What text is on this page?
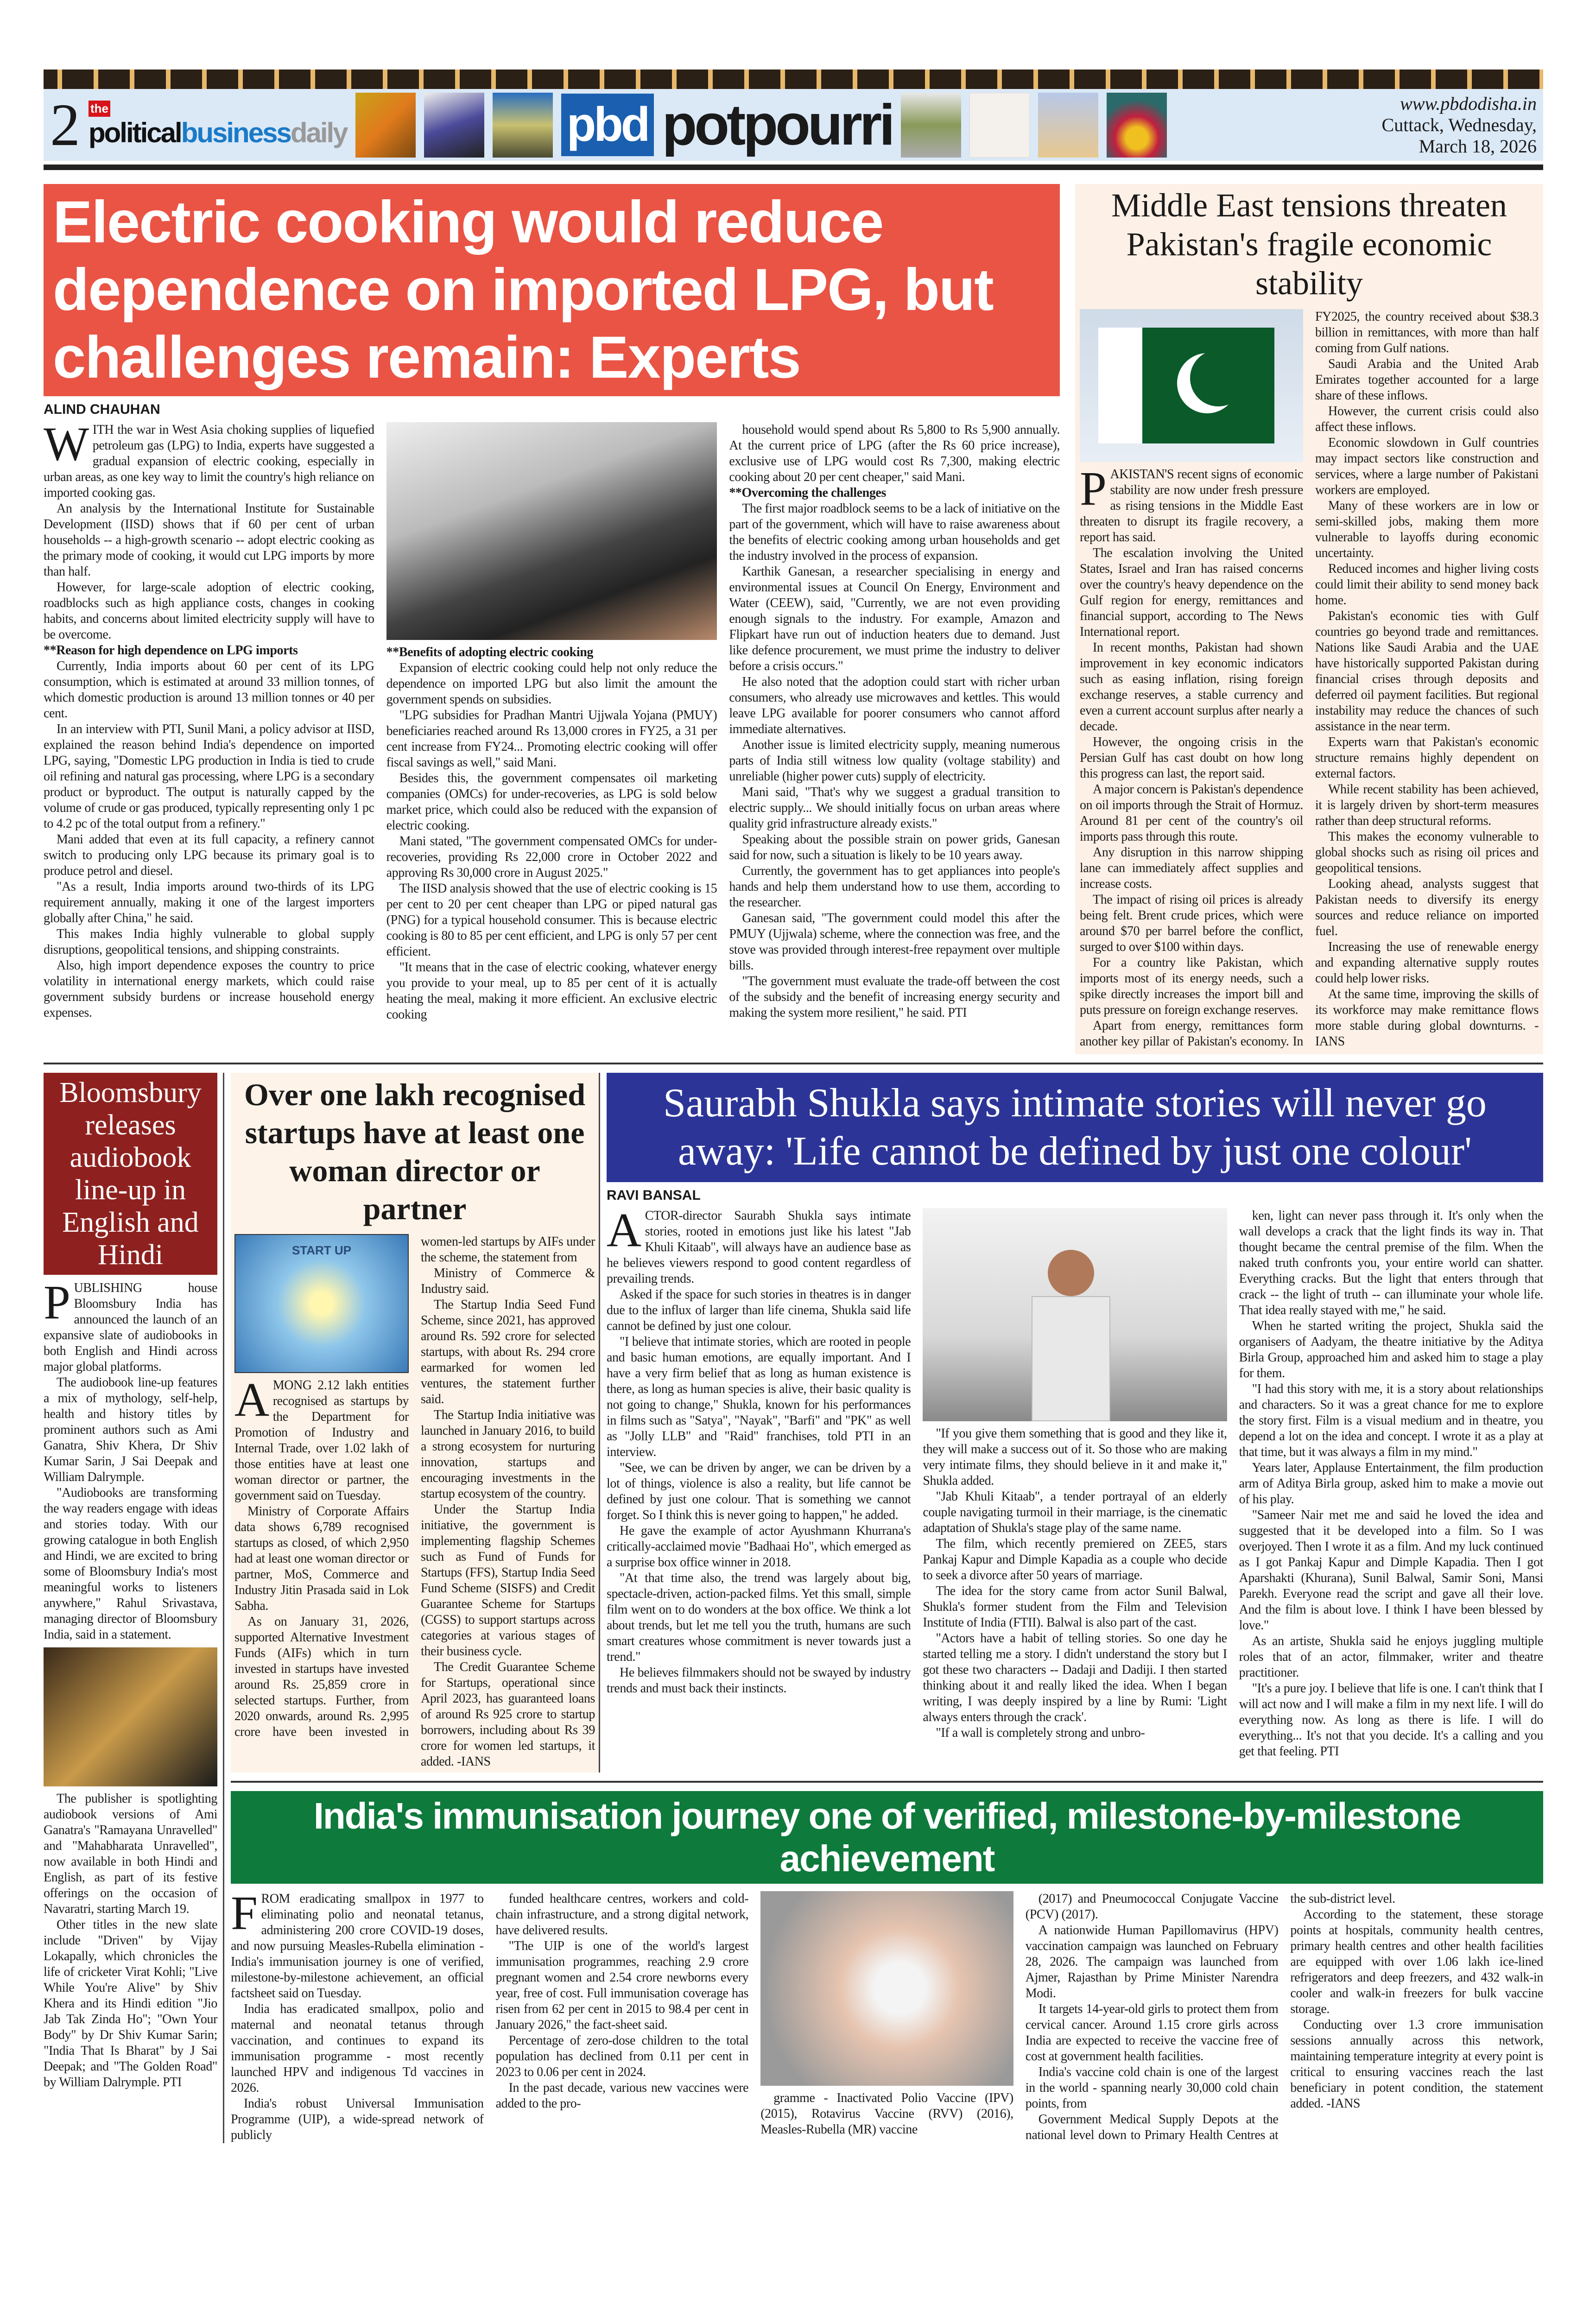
2 the
politicalbusinessdaily	pbd potpourri	www.pbdodisha.in
Cuttack, Wednesday,
March 18, 2026
Electric cooking would reduce dependence on imported LPG, but challenges remain: Experts
ALIND CHAUHAN
W ITH the war in West Asia choking supplies of liquefied petroleum gas (LPG) to India, experts have suggested a gradual expansion of electric cooking, especially in urban areas, as one key way to limit the country's high reliance on imported cooking gas.

An analysis by the International Institute for Sustainable Development (IISD) shows that if 60 per cent of urban households -- a high-growth scenario -- adopt electric cooking as the primary mode of cooking, it would cut LPG imports by more than half.

However, for large-scale adoption of electric cooking, roadblocks such as high appliance costs, changes in cooking habits, and concerns about limited electricity supply will have to be overcome.

**Reason for high dependence on LPG imports

Currently, India imports about 60 per cent of its LPG consumption, which is estimated at around 33 million tonnes, of which domestic production is around 13 million tonnes or 40 per cent.

In an interview with PTI, Sunil Mani, a policy advisor at IISD, explained the reason behind India's dependence on imported LPG, saying, "Domestic LPG production in India is tied to crude oil refining and natural gas processing, where LPG is a secondary product or byproduct. The output is naturally capped by the volume of crude or gas produced, typically representing only 1 pc to 4.2 pc of the total output from a refinery."

Mani added that even at its full capacity, a refinery cannot switch to producing only LPG because its primary goal is to produce petrol and diesel.

"As a result, India imports around two-thirds of its LPG requirement annually, making it one of the largest importers globally after China," he said.

This makes India highly vulnerable to global supply disruptions, geopolitical tensions, and shipping constraints.

Also, high import dependence exposes the country to price volatility in international energy markets, which could raise government subsidy burdens or increase household energy expenses.

**Benefits of adopting electric cooking

Expansion of electric cooking could help not only reduce the dependence on imported LPG but also limit the amount the government spends on subsidies.

"LPG subsidies for Pradhan Mantri Ujjwala Yojana (PMUY) beneficiaries reached around Rs 13,000 crores in FY25, a 31 per cent increase from FY24... Promoting electric cooking will offer fiscal savings as well," said Mani.

Besides this, the government compensates oil marketing companies (OMCs) for under-recoveries, as LPG is sold below market price, which could also be reduced with the expansion of electric cooking.

Mani stated, "The government compensated OMCs for under-recoveries, providing Rs 22,000 crore in October 2022 and approving Rs 30,000 crore in August 2025."

The IISD analysis showed that the use of electric cooking is 15 per cent to 20 per cent cheaper than LPG or piped natural gas (PNG) for a typical household consumer. This is because electric cooking is 80 to 85 per cent efficient, and LPG is only 57 per cent efficient.

"It means that in the case of electric cooking, whatever energy you provide to your meal, up to 85 per cent of it is actually heating the meal, making it more efficient. An exclusive electric cooking

household would spend about Rs 5,800 to Rs 5,900 annually. At the current price of LPG (after the Rs 60 price increase), exclusive use of LPG would cost Rs 7,300, making electric cooking about 20 per cent cheaper," said Mani.

**Overcoming the challenges

The first major roadblock seems to be a lack of initiative on the part of the government, which will have to raise awareness about the benefits of electric cooking among urban households and get the industry involved in the process of expansion.

Karthik Ganesan, a researcher specialising in energy and environmental issues at Council On Energy, Environment and Water (CEEW), said, "Currently, we are not even providing enough signals to the industry. For example, Amazon and Flipkart have run out of induction heaters due to demand. Just like defence procurement, we must prime the industry to deliver before a crisis occurs."

He also noted that the adoption could start with richer urban consumers, who already use microwaves and kettles. This would leave LPG available for poorer consumers who cannot afford immediate alternatives.

Another issue is limited electricity supply, meaning numerous parts of India still witness low quality (voltage stability) and unreliable (higher power cuts) supply of electricity.

Mani said, "That's why we suggest a gradual transition to electric supply... We should initially focus on urban areas where quality grid infrastructure already exists."

Speaking about the possible strain on power grids, Ganesan said for now, such a situation is likely to be 10 years away.

Currently, the government has to get appliances into people's hands and help them understand how to use them, according to the researcher.

Ganesan said, "The government could model this after the PMUY (Ujjwala) scheme, where the connection was free, and the stove was provided through interest-free repayment over multiple bills.

"The government must evaluate the trade-off between the cost of the subsidy and the benefit of increasing energy security and making the system more resilient," he said. PTI

Middle East tensions threaten Pakistan's fragile economic stability
P AKISTAN'S recent signs of economic stability are now under fresh pressure as rising tensions in the Middle East threaten to disrupt its fragile recovery, a report has said.

The escalation involving the United States, Israel and Iran has raised concerns over the country's heavy dependence on the Gulf region for energy, remittances and financial support, according to The News International report.

In recent months, Pakistan had shown improvement in key economic indicators such as easing inflation, rising foreign exchange reserves, a stable currency and even a current account surplus after nearly a decade.

However, the ongoing crisis in the Persian Gulf has cast doubt on how long this progress can last, the report said.

A major concern is Pakistan's dependence on oil imports through the Strait of Hormuz. Around 81 per cent of the country's oil imports pass through this route.

Any disruption in this narrow shipping lane can immediately affect supplies and increase costs.

The impact of rising oil prices is already being felt. Brent crude prices, which were around $70 per barrel before the conflict, surged to over $100 within days.

For a country like Pakistan, which imports most of its energy needs, such a spike directly increases the import bill and puts pressure on foreign exchange reserves.

Apart from energy, remittances form another key pillar of Pakistan's economy. In FY2025, the country received about $38.3 billion in remittances, with more than half coming from Gulf nations.

Saudi Arabia and the United Arab Emirates together accounted for a large share of these inflows.

However, the current crisis could also affect these inflows.

Economic slowdown in Gulf countries may impact sectors like construction and services, where a large number of Pakistani workers are employed.

Many of these workers are in low or semi-skilled jobs, making them more vulnerable to layoffs during economic uncertainty.

Reduced incomes and higher living costs could limit their ability to send money back home.

Pakistan's economic ties with Gulf countries go beyond trade and remittances. Nations like Saudi Arabia and the UAE have historically supported Pakistan during financial crises through deposits and deferred oil payment facilities. But regional instability may reduce the chances of such assistance in the near term.

Experts warn that Pakistan's economic structure remains highly dependent on external factors.

While recent stability has been achieved, it is largely driven by short-term measures rather than deep structural reforms.

This makes the economy vulnerable to global shocks such as rising oil prices and geopolitical tensions.

Looking ahead, analysts suggest that Pakistan needs to diversify its energy sources and reduce reliance on imported fuel.

Increasing the use of renewable energy and expanding alternative supply routes could help lower risks.

At the same time, improving the skills of its workforce may make remittance flows more stable during global downturns. -IANS

Bloomsbury releases audiobook line-up in English and Hindi
P UBLISHING house Bloomsbury India has announced the launch of an expansive slate of audiobooks in both English and Hindi across major global platforms.

The audiobook line-up features a mix of mythology, self-help, health and history titles by prominent authors such as Ami Ganatra, Shiv Khera, Dr Shiv Kumar Sarin, J Sai Deepak and William Dalrymple.

"Audiobooks are transforming the way readers engage with ideas and stories today. With our growing catalogue in both English and Hindi, we are excited to bring some of Bloomsbury India's most meaningful works to listeners anywhere," Rahul Srivastava, managing director of Bloomsbury India, said in a statement.

The publisher is spotlighting audiobook versions of Ami Ganatra's "Ramayana Unravelled" and "Mahabharata Unravelled", now available in both Hindi and English, as part of its festive offerings on the occasion of Navaratri, starting March 19.

Other titles in the new slate include "Driven" by Vijay Lokapally, which chronicles the life of cricketer Virat Kohli; "Live While You're Alive" by Shiv Khera and its Hindi edition "Jio Jab Tak Zinda Ho"; "Own Your Body" by Dr Shiv Kumar Sarin; "India That Is Bharat" by J Sai Deepak; and "The Golden Road" by William Dalrymple. PTI

Over one lakh recognised startups have at least one woman director or partner
START UP
A MONG 2.12 lakh entities recognised as startups by the Department for Promotion of Industry and Internal Trade, over 1.02 lakh of those entities have at least one woman director or partner, the government said on Tuesday.

Ministry of Corporate Affairs data shows 6,789 recognised startups as closed, of which 2,950 had at least one woman director or partner, MoS, Commerce and Industry Jitin Prasada said in Lok Sabha.

As on January 31, 2026, supported Alternative Investment Funds (AIFs) which in turn invested in startups have invested around Rs. 25,859 crore in selected startups. Further, from 2020 onwards, around Rs. 2,995 crore have been invested in women-led startups by AIFs under the scheme, the statement from

Ministry of Commerce & Industry said.

The Startup India Seed Fund Scheme, since 2021, has approved around Rs. 592 crore for selected startups, with about Rs. 294 crore earmarked for women led ventures, the statement further said.

The Startup India initiative was launched in January 2016, to build a strong ecosystem for nurturing innovation, startups and encouraging investments in the startup ecosystem of the country.

Under the Startup India initiative, the government is implementing flagship Schemes such as Fund of Funds for Startups (FFS), Startup India Seed Fund Scheme (SISFS) and Credit Guarantee Scheme for Startups (CGSS) to support startups across categories at various stages of their business cycle.

The Credit Guarantee Scheme for Startups, operational since April 2023, has guaranteed loans of around Rs 925 crore to startup borrowers, including about Rs 39 crore for women led startups, it added. -IANS

Saurabh Shukla says intimate stories will never go away: 'Life cannot be defined by just one colour'
RAVI BANSAL
A CTOR-director Saurabh Shukla says intimate stories, rooted in emotions just like his latest "Jab Khuli Kitaab", will always have an audience base as he believes viewers respond to good content regardless of prevailing trends.

Asked if the space for such stories in theatres is in danger due to the influx of larger than life cinema, Shukla said life cannot be defined by just one colour.

"I believe that intimate stories, which are rooted in people and basic human emotions, are equally important. And I have a very firm belief that as long as human existence is there, as long as human species is alive, their basic quality is not going to change," Shukla, known for his performances in films such as "Satya", "Nayak", "Barfi" and "PK" as well as "Jolly LLB" and "Raid" franchises, told PTI in an interview.

"See, we can be driven by anger, we can be driven by a lot of things, violence is also a reality, but life cannot be defined by just one colour. That is something we cannot forget. So I think this is never going to happen," he added.

He gave the example of actor Ayushmann Khurrana's critically-acclaimed movie "Badhaai Ho", which emerged as a surprise box office winner in 2018.

"At that time also, the trend was largely about big, spectacle-driven, action-packed films. Yet this small, simple film went on to do wonders at the box office. We think a lot about trends, but let me tell you the truth, humans are such smart creatures whose commitment is never towards just a trend."

He believes filmmakers should not be swayed by industry trends and must back their instincts.

"If you give them something that is good and they like it, they will make a success out of it. So those who are making very intimate films, they should believe in it and make it," Shukla added.

"Jab Khuli Kitaab", a tender portrayal of an elderly couple navigating turmoil in their marriage, is the cinematic adaptation of Shukla's stage play of the same name.

The film, which recently premiered on ZEE5, stars Pankaj Kapur and Dimple Kapadia as a couple who decide to seek a divorce after 50 years of marriage.

The idea for the story came from actor Sunil Balwal, Shukla's former student from the Film and Television Institute of India (FTII). Balwal is also part of the cast.

"Actors have a habit of telling stories. So one day he started telling me a story. I didn't understand the story but I got these two characters -- Dadaji and Dadiji. I then started thinking about it and really liked the idea. When I began writing, I was deeply inspired by a line by Rumi: 'Light always enters through the crack'.

"If a wall is completely strong and unbro-

ken, light can never pass through it. It's only when the wall develops a crack that the light finds its way in. That thought became the central premise of the film. When the naked truth confronts you, your entire world can shatter. Everything cracks. But the light that enters through that crack -- the light of truth -- can illuminate your whole life. That idea really stayed with me," he said.

When he started writing the project, Shukla said the organisers of Aadyam, the theatre initiative by the Aditya Birla Group, approached him and asked him to stage a play for them.

"I had this story with me, it is a story about relationships and characters. So it was a great chance for me to explore the story first. Film is a visual medium and in theatre, you depend a lot on the idea and concept. I wrote it as a play at that time, but it was always a film in my mind."

Years later, Applause Entertainment, the film production arm of Aditya Birla group, asked him to make a movie out of his play.

"Sameer Nair met me and said he loved the idea and suggested that it be developed into a film. So I was overjoyed. Then I wrote it as a film. And my luck continued as I got Pankaj Kapur and Dimple Kapadia. Then I got Aparshakti (Khurana), Sunil Balwal, Samir Soni, Mansi Parekh. Everyone read the script and gave all their love. And the film is about love. I think I have been blessed by love."

As an artiste, Shukla said he enjoys juggling multiple roles that of an actor, filmmaker, writer and theatre practitioner.

"It's a pure joy. I believe that life is one. I can't think that I will act now and I will make a film in my next life. I will do everything now. As long as there is life. I will do everything... It's not that you decide. It's a calling and you get that feeling. PTI

India's immunisation journey one of verified, milestone-by-milestone achievement
F ROM eradicating smallpox in 1977 to eliminating polio and neonatal tetanus, administering 200 crore COVID-19 doses, and now pursuing Measles-Rubella elimination - India's immunisation journey is one of verified, milestone-by-milestone achievement, an official factsheet said on Tuesday.

India has eradicated smallpox, polio and maternal and neonatal tetanus through vaccination, and continues to expand its immunisation programme - most recently launched HPV and indigenous Td vaccines in 2026.

India's robust Universal Immunisation Programme (UIP), a wide-spread network of publicly

funded healthcare centres, workers and cold-chain infrastructure, and a strong digital network, have delivered results.

"The UIP is one of the world's largest immunisation programmes, reaching 2.9 crore pregnant women and 2.54 crore newborns every year, free of cost. Full immunisation coverage has risen from 62 per cent in 2015 to 98.4 per cent in January 2026," the fact-sheet said.

Percentage of zero-dose children to the total population has declined from 0.11 per cent in 2023 to 0.06 per cent in 2024.

In the past decade, various new vaccines were added to the pro-	gramme - Inactivated Polio Vaccine (IPV) (2015), Rotavirus Vaccine (RVV) (2016), Measles-Rubella (MR) vaccine

(2017) and Pneumococcal Conjugate Vaccine (PCV) (2017).

A nationwide Human Papillomavirus (HPV) vaccination campaign was launched on February 28, 2026. The campaign was launched from Ajmer, Rajasthan by Prime Minister Narendra Modi.

It targets 14-year-old girls to protect them from cervical cancer. Around 1.15 crore girls across India are expected to receive the vaccine free of cost at government health facilities.

India's vaccine cold chain is one of the largest in the world - spanning nearly 30,000 cold chain points, from

Government Medical Supply Depots at the national level down to Primary Health Centres at the sub-district level.

According to the statement, these storage points at hospitals, community health centres, primary health centres and other health facilities are equipped with over 1.06 lakh ice-lined refrigerators and deep freezers, and 432 walk-in cooler and walk-in freezers for bulk vaccine storage.

Conducting over 1.3 crore immunisation sessions annually across this network, maintaining temperature integrity at every point is critical to ensuring vaccines reach the last beneficiary in potent condition, the statement added. -IANS
